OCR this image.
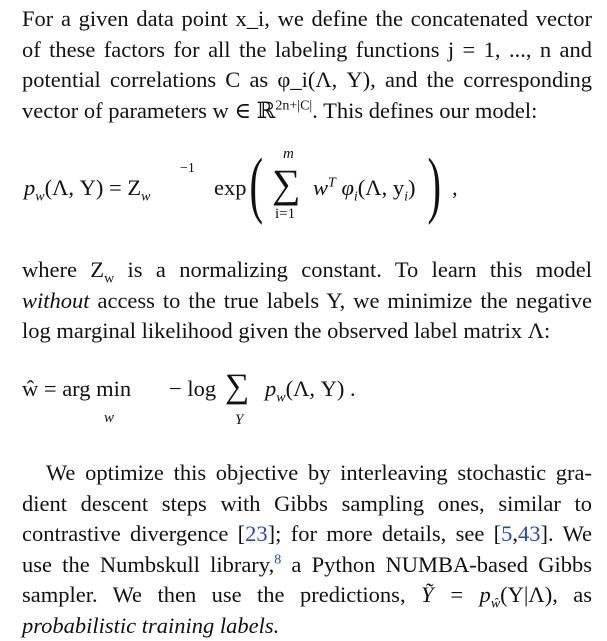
For a given data point x_i, we define the concatenated vector
of these factors for all the labeling functions j = 1, ..., n and
potential correlations C as φ_i(Λ, Y), and the corresponding
vector of parameters w ∈ ℝ$^{2n+|C|}$. This defines our model:
$p_w(\Lambda$, $Y) = Z_w$
−1
exp ( m
∑
i=1
$w^T$ $\varphi_i(\Lambda$, $y_i$) ) ,
where $Z_w$ is a normalizing constant. To learn this model
without access to the true labels Y, we minimize the negative
log marginal likelihood given the observed label matrix Λ:
ŵ = arg min
w
− log ∑
Y
$p_w(\Lambda$, Y) .
We optimize this objective by interleaving stochastic gra-
dient descent steps with Gibbs sampling ones, similar to
contrastive divergence [23]; for more details, see [5,43]. We
use the Numbskull library,$^8$ a Python NUMBA-based Gibbs
sampler. We then use the predictions, Ỹ = $p_ŵ(Y|\Lambda)$, as
probabilistic training labels.
